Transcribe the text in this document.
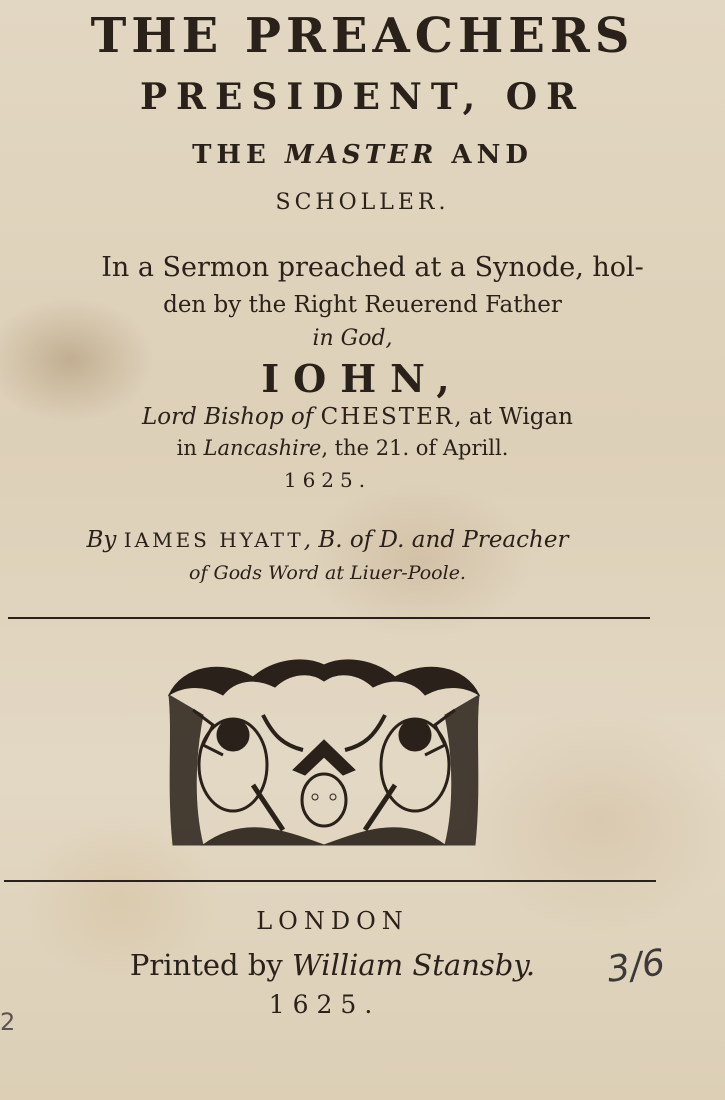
THE PREACHERS
PRESIDENT, OR
THE MASTER AND
SCHOLLER.
In a Sermon preached at a Synode, hol-
den by the Right Reuerend Father
in God,
IOHN,
Lord Bishop of CHESTER, at Wigan
in Lancashire, the 21. of Aprill.
1625.
By IAMES HYATT, B. of D. and Preacher
of Gods Word at Liuer-Poole.
LONDON
Printed by William Stansby.
1625.
3/6
2
